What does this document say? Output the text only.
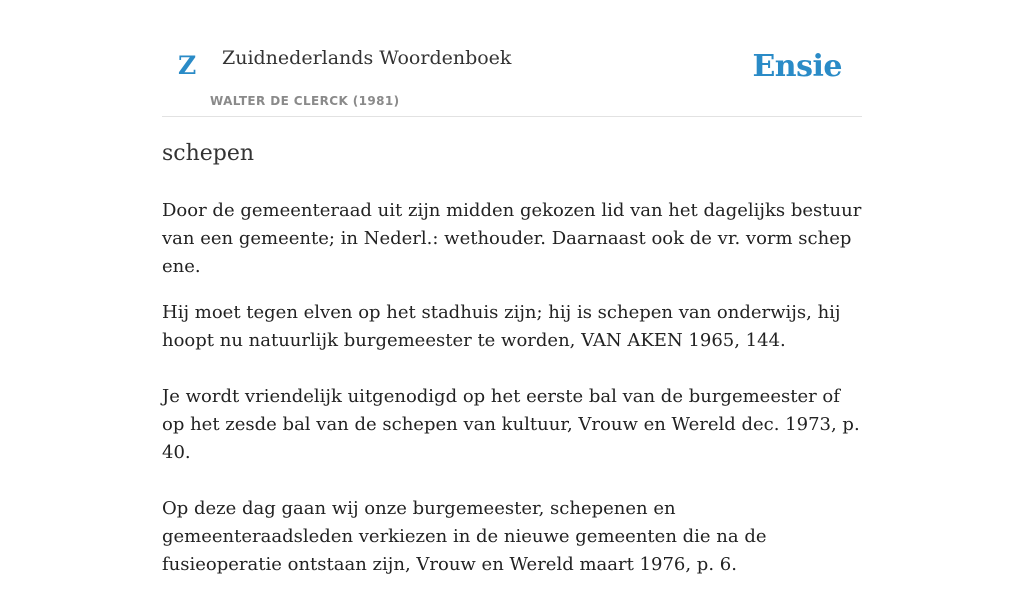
Z Zuidnederlands Woordenboek
WALTER DE CLERCK (1981)
Ensie
schepen

Door de gemeenteraad uit zijn midden gekozen lid van het dagelijks bestuur van een gemeente; in Nederl.: wethouder. Daarnaast ook de vr. vorm schep ene.

Hij moet tegen elven op het stadhuis zijn; hij is schepen van onderwijs, hij hoopt nu natuurlijk burgemeester te worden, VAN AKEN 1965, 144.

Je wordt vriendelijk uitgenodigd op het eerste bal van de burgemeester of op het zesde bal van de schepen van kultuur, Vrouw en Wereld dec. 1973, p. 40.

Op deze dag gaan wij onze burgemeester, schepenen en gemeenteraadsleden verkiezen in de nieuwe gemeenten die na de fusieoperatie ontstaan zijn, Vrouw en Wereld maart 1976, p. 6.
